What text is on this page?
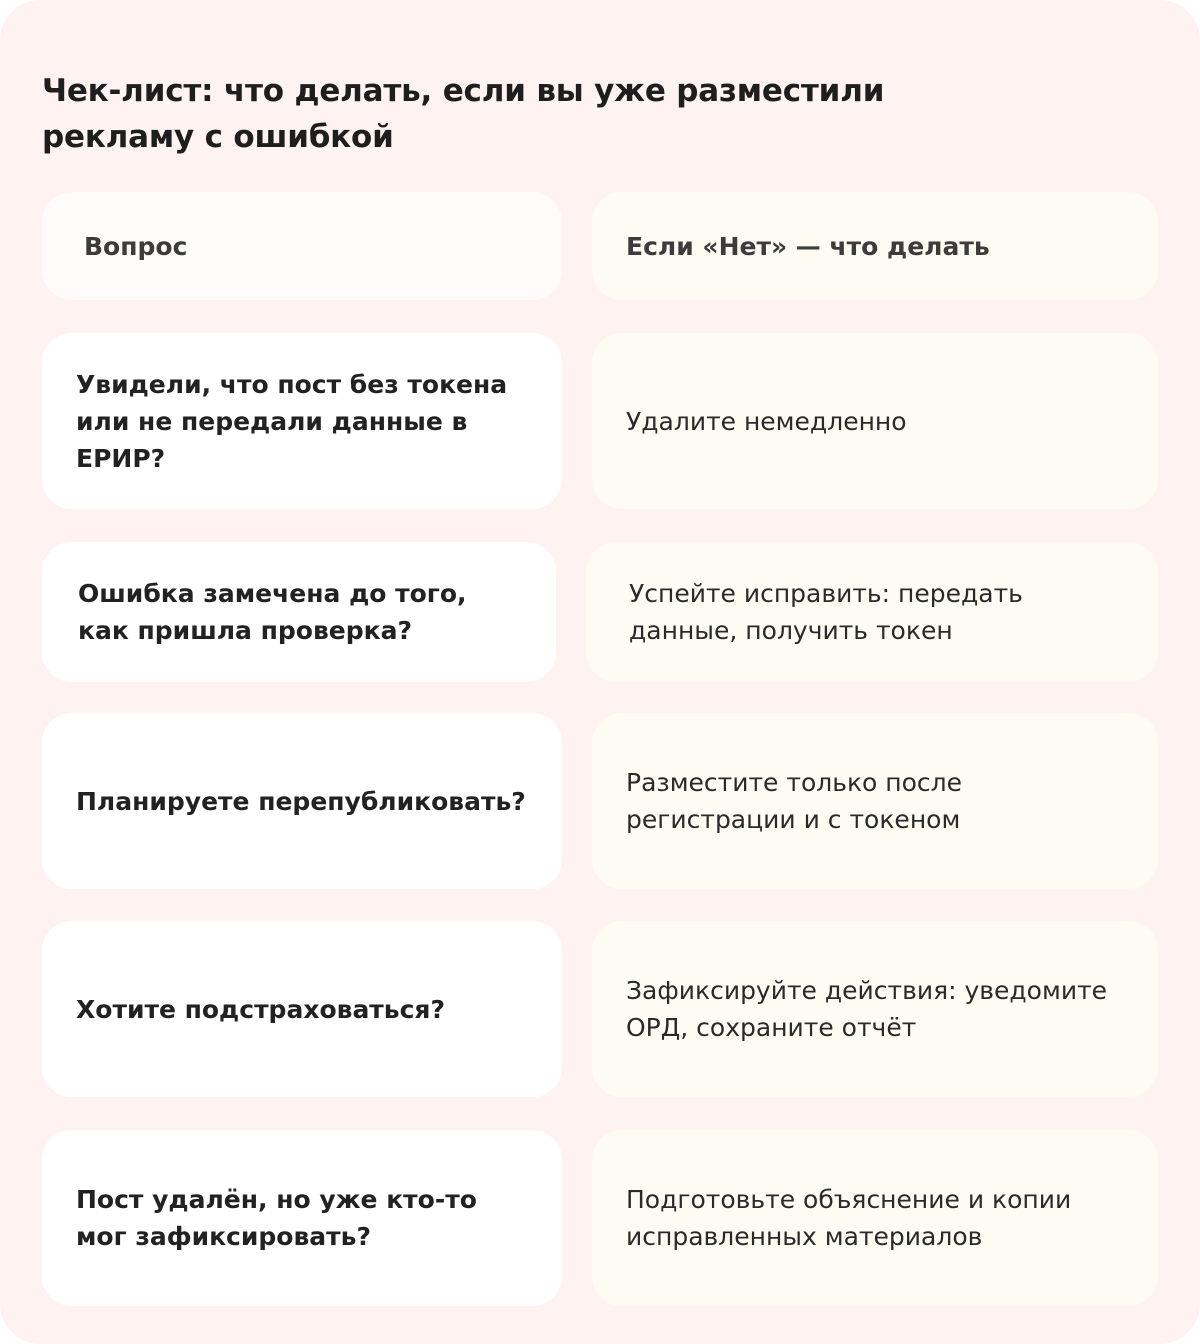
Чек-лист: что делать, если вы уже разместили рекламу с ошибкой
Вопрос	Если «Нет» — что делать
Увидели, что пост без токена или не передали данные в ЕРИР?
Удалите немедленно
Ошибка замечена до того, как пришла проверка?
Успейте исправить: передать данные, получить токен
Планируете перепубликовать?
Разместите только после регистрации и с токеном
Хотите подстраховаться?
Зафиксируйте действия: уведомите ОРД, сохраните отчёт
Пост удалён, но уже кто-то мог зафиксировать?
Подготовьте объяснение и копии исправленных материалов
